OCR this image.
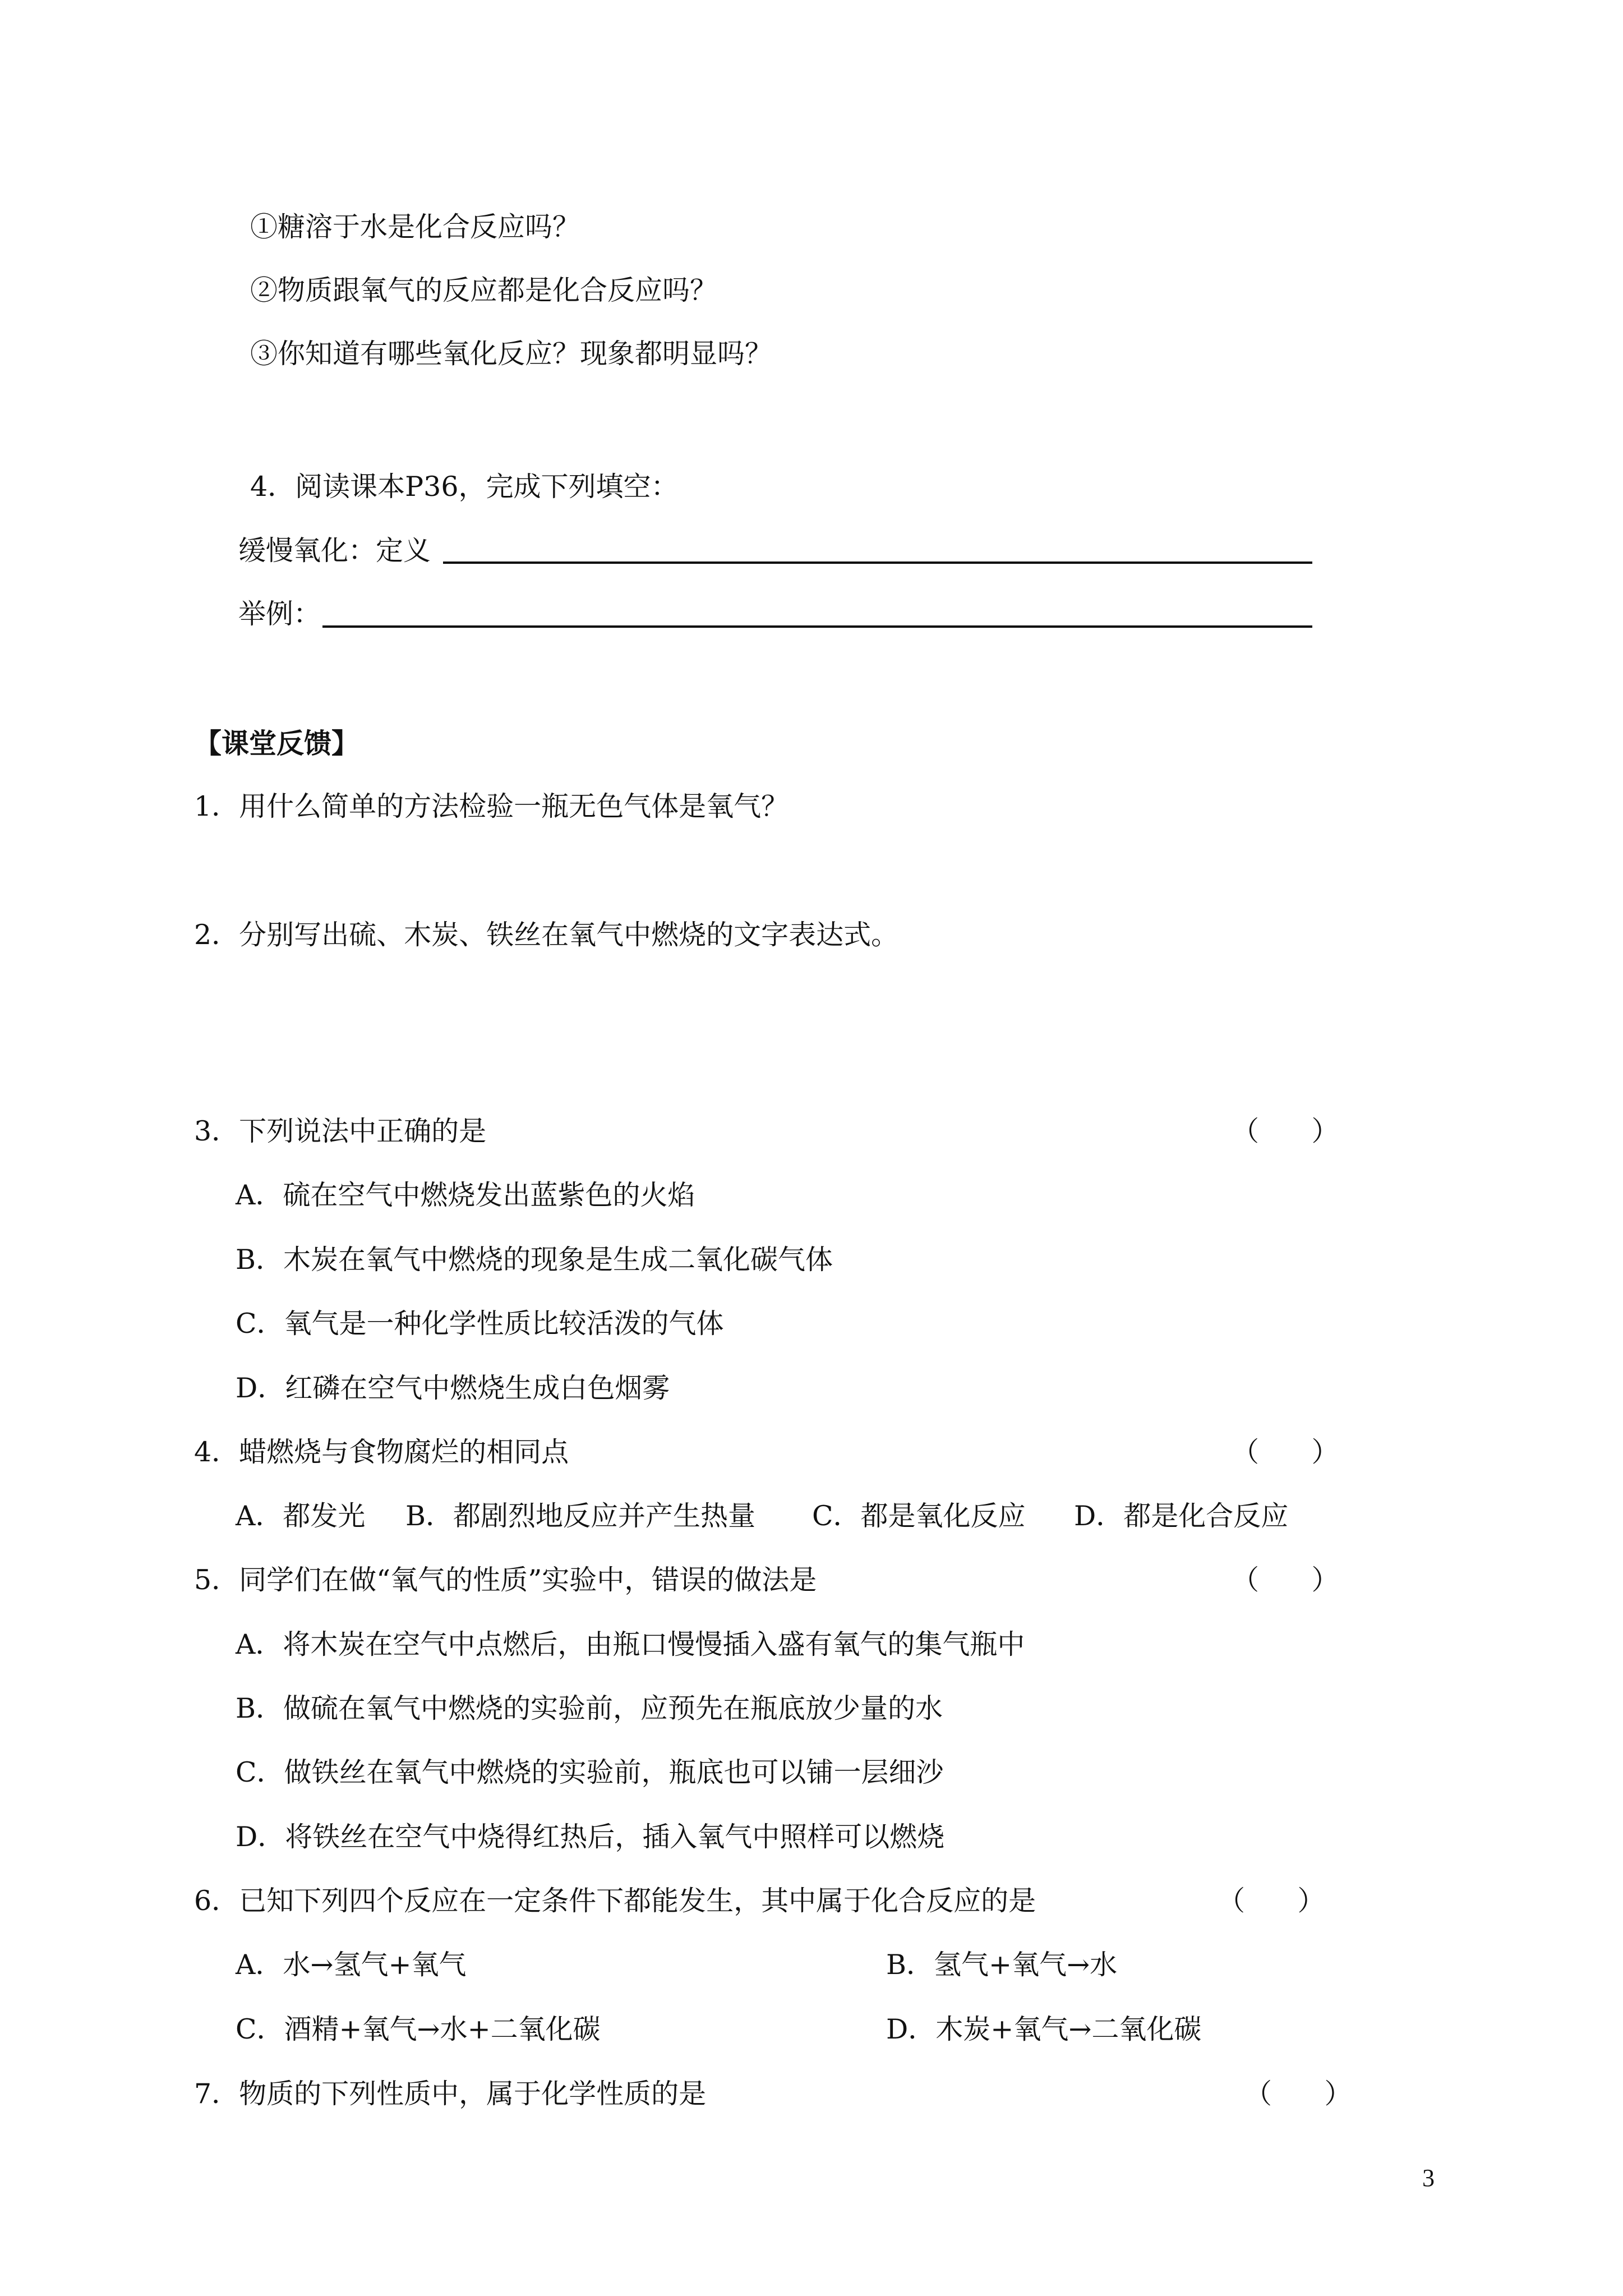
①糖溶于水是化合反应吗？
②物质跟氧气的反应都是化合反应吗？
③你知道有哪些氧化反应？现象都明显吗？
4．阅读课本P36，完成下列填空：
缓慢氧化：定义
举例：
【课堂反馈】
1．用什么简单的方法检验一瓶无色气体是氧气？
2．分别写出硫、木炭、铁丝在氧气中燃烧的文字表达式。
3．下列说法中正确的是	（      ）
A．硫在空气中燃烧发出蓝紫色的火焰
B．木炭在氧气中燃烧的现象是生成二氧化碳气体
C．氧气是一种化学性质比较活泼的气体
D．红磷在空气中燃烧生成白色烟雾
4．蜡燃烧与食物腐烂的相同点	（      ）
A．都发光 B．都剧烈地反应并产生热量 C．都是氧化反应 D．都是化合反应
5．同学们在做“氧气的性质”实验中，错误的做法是	（      ）
A．将木炭在空气中点燃后，由瓶口慢慢插入盛有氧气的集气瓶中
B．做硫在氧气中燃烧的实验前，应预先在瓶底放少量的水
C．做铁丝在氧气中燃烧的实验前，瓶底也可以铺一层细沙
D．将铁丝在空气中烧得红热后，插入氧气中照样可以燃烧
6．已知下列四个反应在一定条件下都能发生，其中属于化合反应的是	（      ）
A．水→氢气+氧气	B．氢气+氧气→水
C．酒精+氧气→水+二氧化碳	D．木炭+氧气→二氧化碳
7．物质的下列性质中，属于化学性质的是	（      ）
3
